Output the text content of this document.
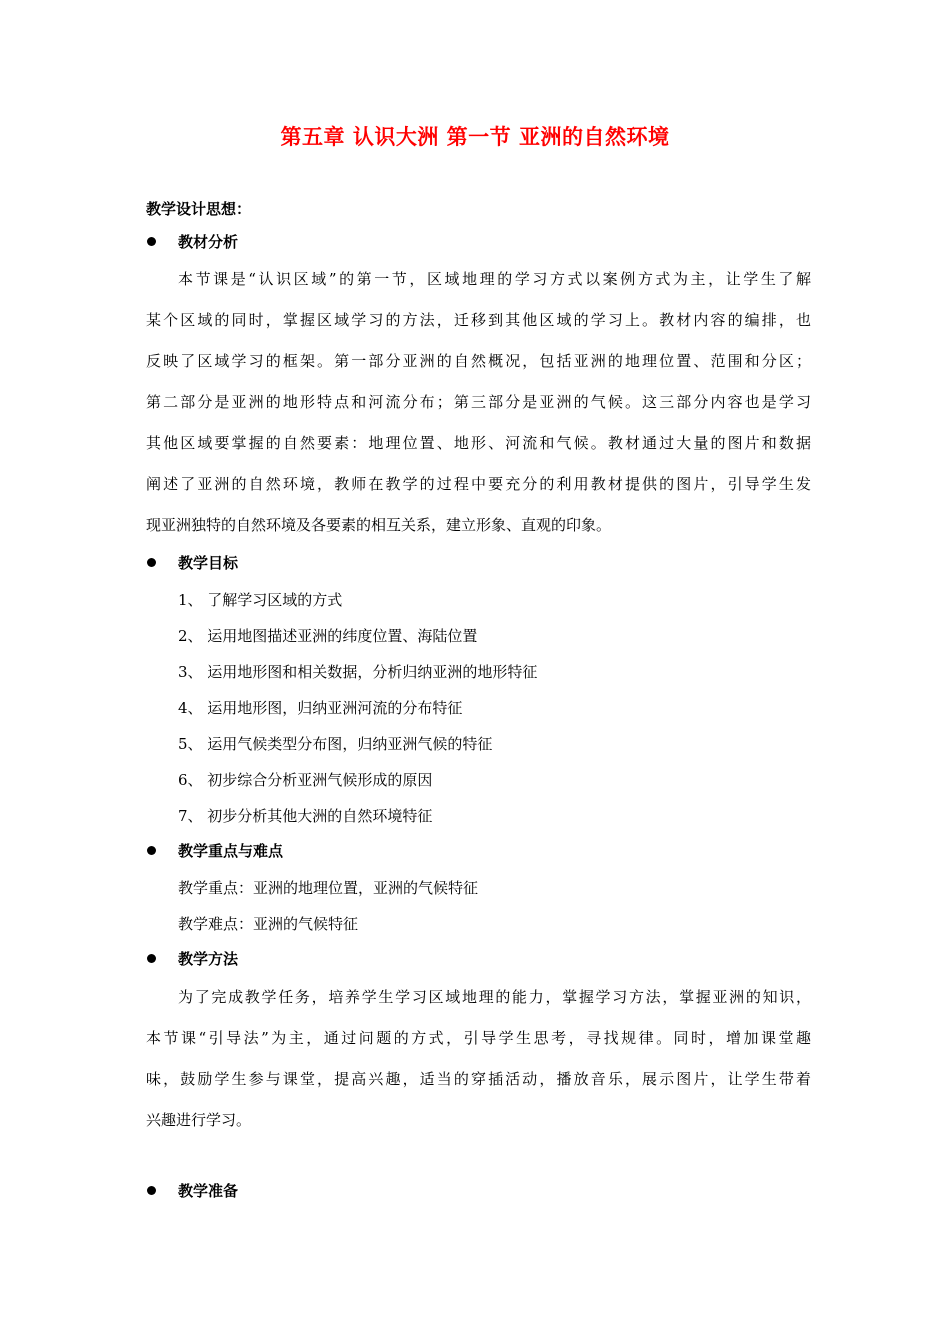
第五章 认识大洲 第一节 亚洲的自然环境
教学设计思想：
教材分析
本节课是“认识区域”的第一节，区域地理的学习方式以案例方式为主，让学生了解
某个区域的同时，掌握区域学习的方法，迁移到其他区域的学习上。教材内容的编排，也
反映了区域学习的框架。第一部分亚洲的自然概况，包括亚洲的地理位置、范围和分区；
第二部分是亚洲的地形特点和河流分布；第三部分是亚洲的气候。这三部分内容也是学习
其他区域要掌握的自然要素：地理位置、地形、河流和气候。教材通过大量的图片和数据
阐述了亚洲的自然环境，教师在教学的过程中要充分的利用教材提供的图片，引导学生发
现亚洲独特的自然环境及各要素的相互关系，建立形象、直观的印象。
教学目标
1、 了解学习区域的方式
2、 运用地图描述亚洲的纬度位置、海陆位置
3、 运用地形图和相关数据，分析归纳亚洲的地形特征
4、 运用地形图，归纳亚洲河流的分布特征
5、 运用气候类型分布图，归纳亚洲气候的特征
6、 初步综合分析亚洲气候形成的原因
7、 初步分析其他大洲的自然环境特征
教学重点与难点
教学重点：亚洲的地理位置，亚洲的气候特征
教学难点：亚洲的气候特征
教学方法
为了完成教学任务，培养学生学习区域地理的能力，掌握学习方法，掌握亚洲的知识，
本节课“引导法”为主，通过问题的方式，引导学生思考，寻找规律。同时，增加课堂趣
味，鼓励学生参与课堂，提高兴趣，适当的穿插活动，播放音乐，展示图片，让学生带着
兴趣进行学习。
教学准备
